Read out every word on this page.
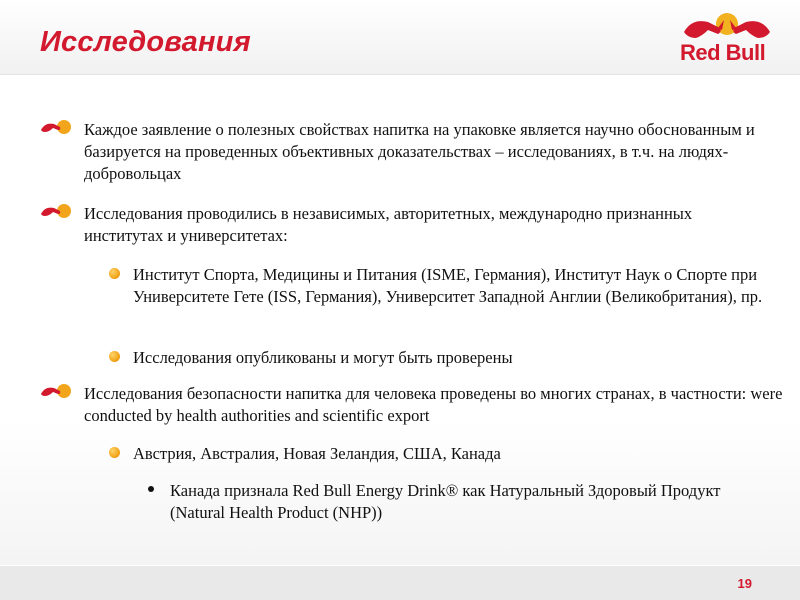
Исследования	Red Bull
Каждое заявление о полезных свойствах напитка на упаковке является научно обоснованным и базируется на проведенных объективных доказательствах – исследованиях, в т.ч. на людях-добровольцах
Исследования проводились в независимых, авторитетных, международно признанных институтах и университетах:
Институт Спорта, Медицины и Питания (ISME, Германия), Институт Наук о Спорте при Университете Гете (ISS, Германия), Университет Западной Англии (Великобритания), пр.
Исследования опубликованы и могут быть проверены
Исследования безопасности напитка для человека проведены во многих странах, в частности: were conducted by health authorities and scientific export
Австрия, Австралия, Новая Зеландия, США, Канада
Канада признала Red Bull Energy Drink® как Натуральный Здоровый Продукт (Natural Health Product (NHP))
19
